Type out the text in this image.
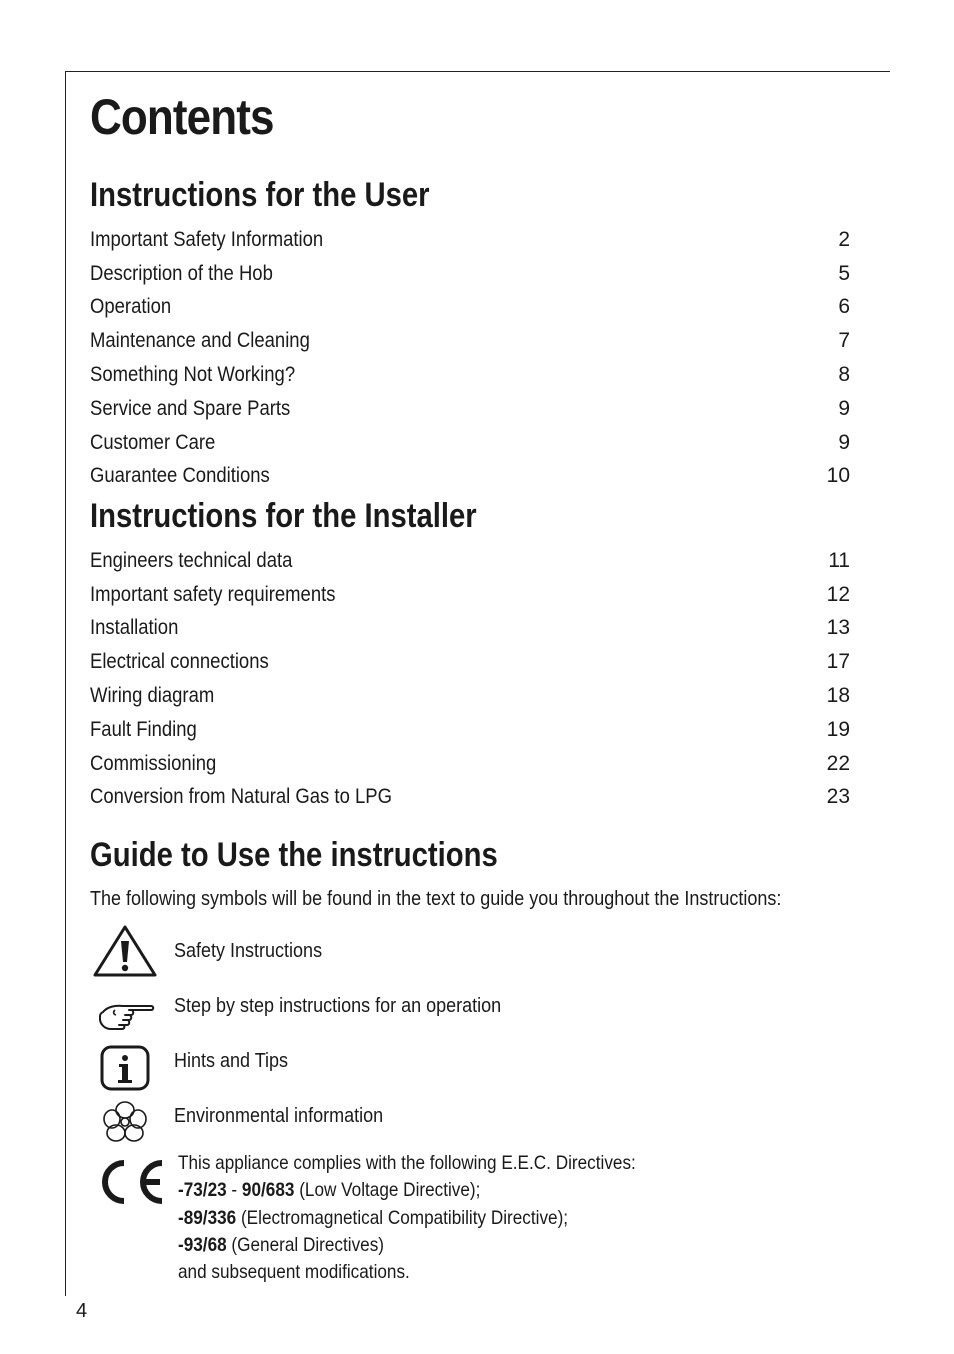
Contents
Instructions for the User
Important Safety Information	2
Description of the Hob	5
Operation	6
Maintenance and Cleaning	7
Something Not Working?	8
Service and Spare Parts	9
Customer Care	9
Guarantee Conditions	10
Instructions for the Installer
Engineers technical data	11
Important safety requirements	12
Installation	13
Electrical connections	17
Wiring diagram	18
Fault Finding	19
Commissioning	22
Conversion from Natural Gas to LPG	23
Guide to Use the instructions
The following symbols will be found in the text to guide you throughout the Instructions:
Safety Instructions
Step by step instructions for an operation
Hints and Tips
Environmental information
This appliance complies with the following E.E.C. Directives:
-73/23 - 90/683 (Low Voltage Directive);
-89/336 (Electromagnetical Compatibility Directive);
-93/68 (General Directives)
and subsequent modifications.
4
